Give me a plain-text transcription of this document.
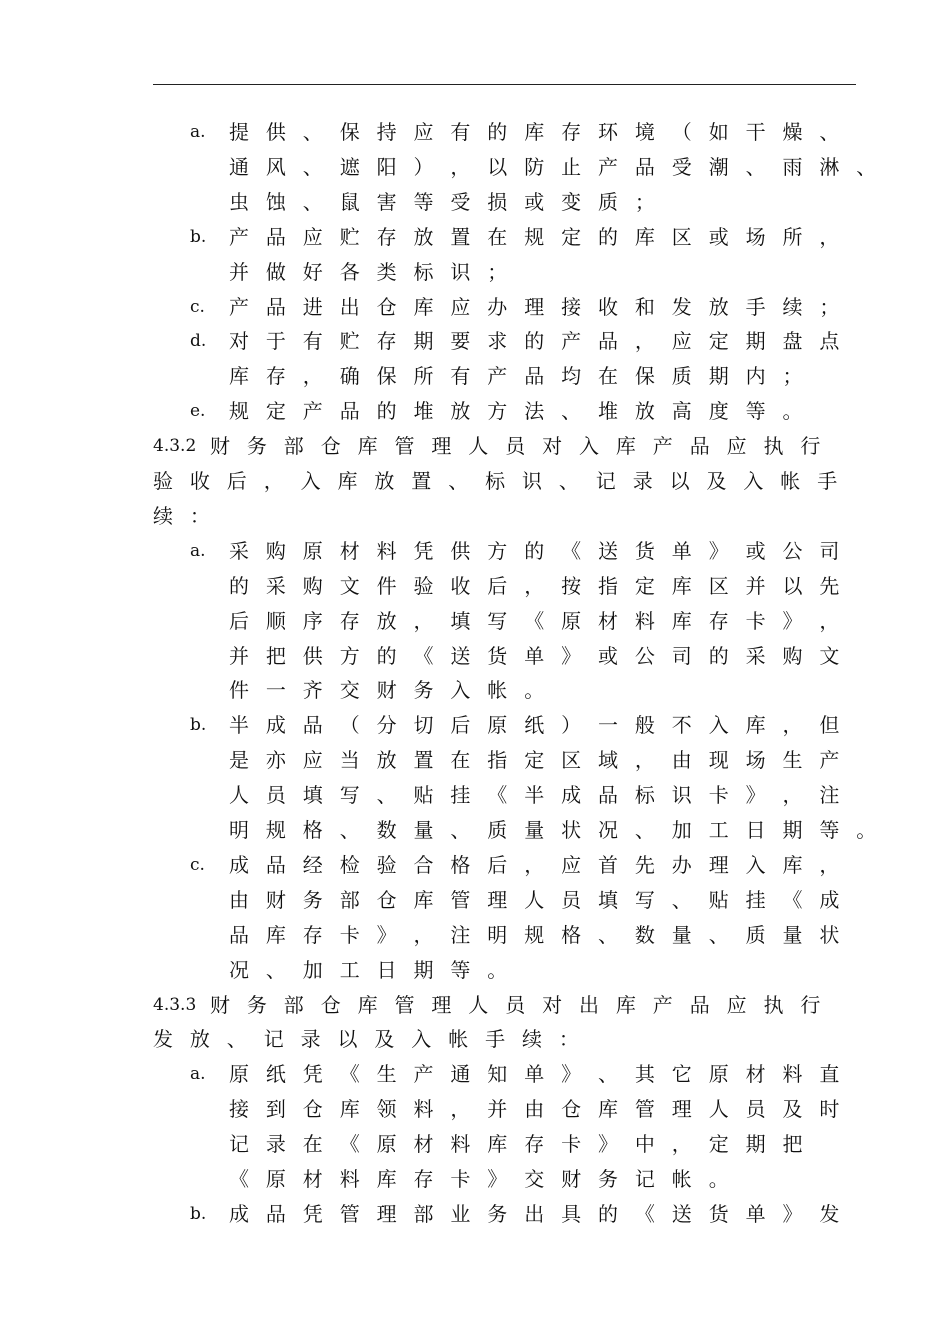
a. 提 供 、 保 持 应 有 的 库 存 环 境 （ 如 干 燥 、
通 风 、 遮 阳 ） ， 以 防 止 产 品 受 潮 、 雨 淋 、
虫 蚀 、 鼠 害 等 受 损 或 变 质 ；
b. 产 品 应 贮 存 放 置 在 规 定 的 库 区 或 场 所 ，
并 做 好 各 类 标 识 ；
c. 产 品 进 出 仓 库 应 办 理 接 收 和 发 放 手 续 ；
d. 对 于 有 贮 存 期 要 求 的 产 品 ， 应 定 期 盘 点
库 存 ， 确 保 所 有 产 品 均 在 保 质 期 内 ；
e. 规 定 产 品 的 堆 放 方 法 、 堆 放 高 度 等 。
4.3.2 财 务 部 仓 库 管 理 人 员 对 入 库 产 品 应 执 行
验 收 后 ， 入 库 放 置 、 标 识 、 记 录 以 及 入 帐 手
续 ：
a. 采 购 原 材 料 凭 供 方 的 《 送 货 单 》 或 公 司
的 采 购 文 件 验 收 后 ， 按 指 定 库 区 并 以 先
后 顺 序 存 放 ， 填 写 《 原 材 料 库 存 卡 》 ，
并 把 供 方 的 《 送 货 单 》 或 公 司 的 采 购 文
件 一 齐 交 财 务 入 帐 。
b. 半 成 品 （ 分 切 后 原 纸 ） 一 般 不 入 库 ， 但
是 亦 应 当 放 置 在 指 定 区 域 ， 由 现 场 生 产
人 员 填 写 、 贴 挂 《 半 成 品 标 识 卡 》 ， 注
明 规 格 、 数 量 、 质 量 状 况 、 加 工 日 期 等 。
c. 成 品 经 检 验 合 格 后 ， 应 首 先 办 理 入 库 ，
由 财 务 部 仓 库 管 理 人 员 填 写 、 贴 挂 《 成
品 库 存 卡 》 ， 注 明 规 格 、 数 量 、 质 量 状
况 、 加 工 日 期 等 。
4.3.3 财 务 部 仓 库 管 理 人 员 对 出 库 产 品 应 执 行
发 放 、 记 录 以 及 入 帐 手 续 ：
a. 原 纸 凭 《 生 产 通 知 单 》 、 其 它 原 材 料 直
接 到 仓 库 领 料 ， 并 由 仓 库 管 理 人 员 及 时
记 录 在 《 原 材 料 库 存 卡 》 中 ， 定 期 把
《 原 材 料 库 存 卡 》 交 财 务 记 帐 。
b. 成 品 凭 管 理 部 业 务 出 具 的 《 送 货 单 》 发
